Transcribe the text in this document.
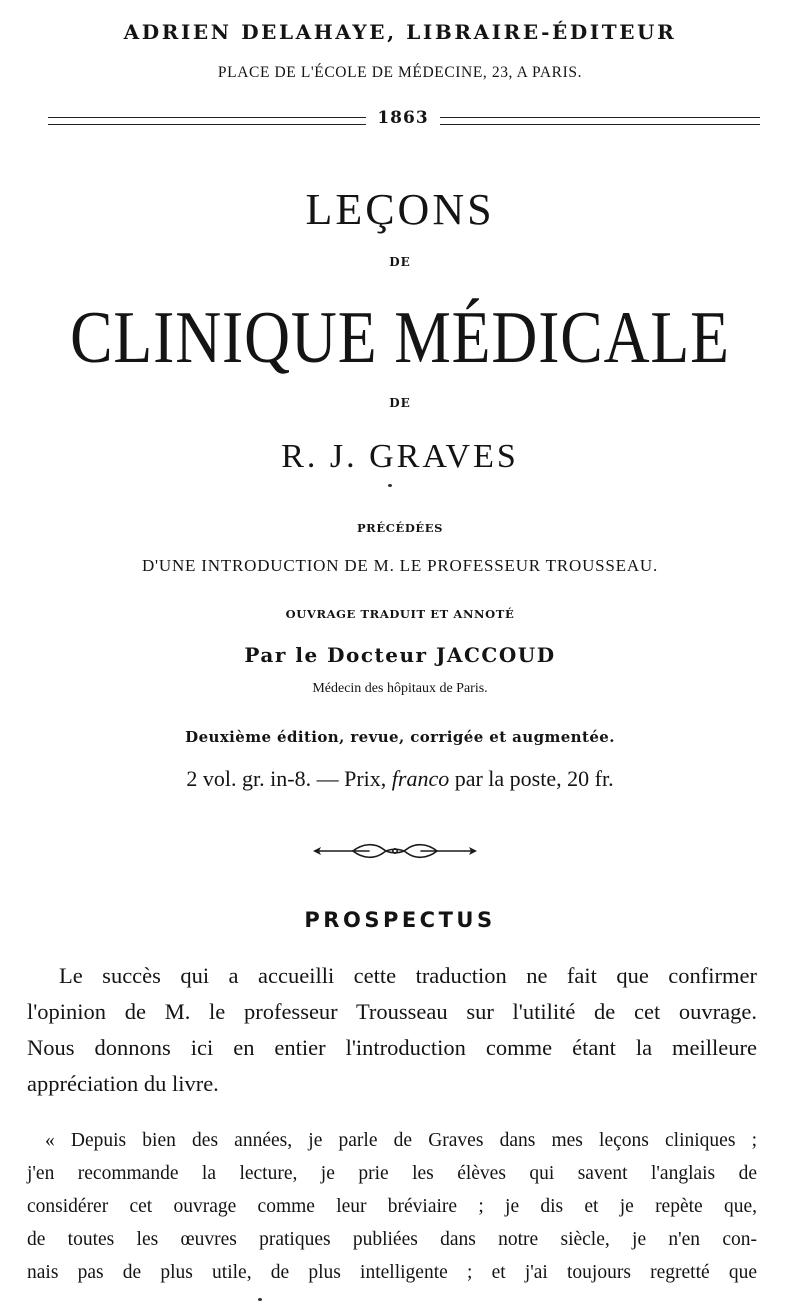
ADRIEN DELAHAYE, LIBRAIRE-ÉDITEUR
PLACE DE L'ÉCOLE DE MÉDECINE, 23, A PARIS.
1863
LEÇONS
DE
CLINIQUE MÉDICALE
DE
R. J. GRAVES
PRÉCÉDÉES
D'UNE INTRODUCTION DE M. LE PROFESSEUR TROUSSEAU.
OUVRAGE TRADUIT ET ANNOTÉ
Par le Docteur JACCOUD
Médecin des hôpitaux de Paris.
Deuxième édition, revue, corrigée et augmentée.
2 vol. gr. in-8. — Prix, franco par la poste, 20 fr.
PROSPECTUS
Le succès qui a accueilli cette traduction ne fait que confirmer
l'opinion de M. le professeur Trousseau sur l'utilité de cet ouvrage.
Nous donnons ici en entier l'introduction comme étant la meilleure
appréciation du livre.
« Depuis bien des années, je parle de Graves dans mes leçons cliniques ;
j'en recommande la lecture, je prie les élèves qui savent l'anglais de
considérer cet ouvrage comme leur bréviaire ; je dis et je repète que,
de toutes les œuvres pratiques publiées dans notre siècle, je n'en con-
nais pas de plus utile, de plus intelligente ; et j'ai toujours regretté que
